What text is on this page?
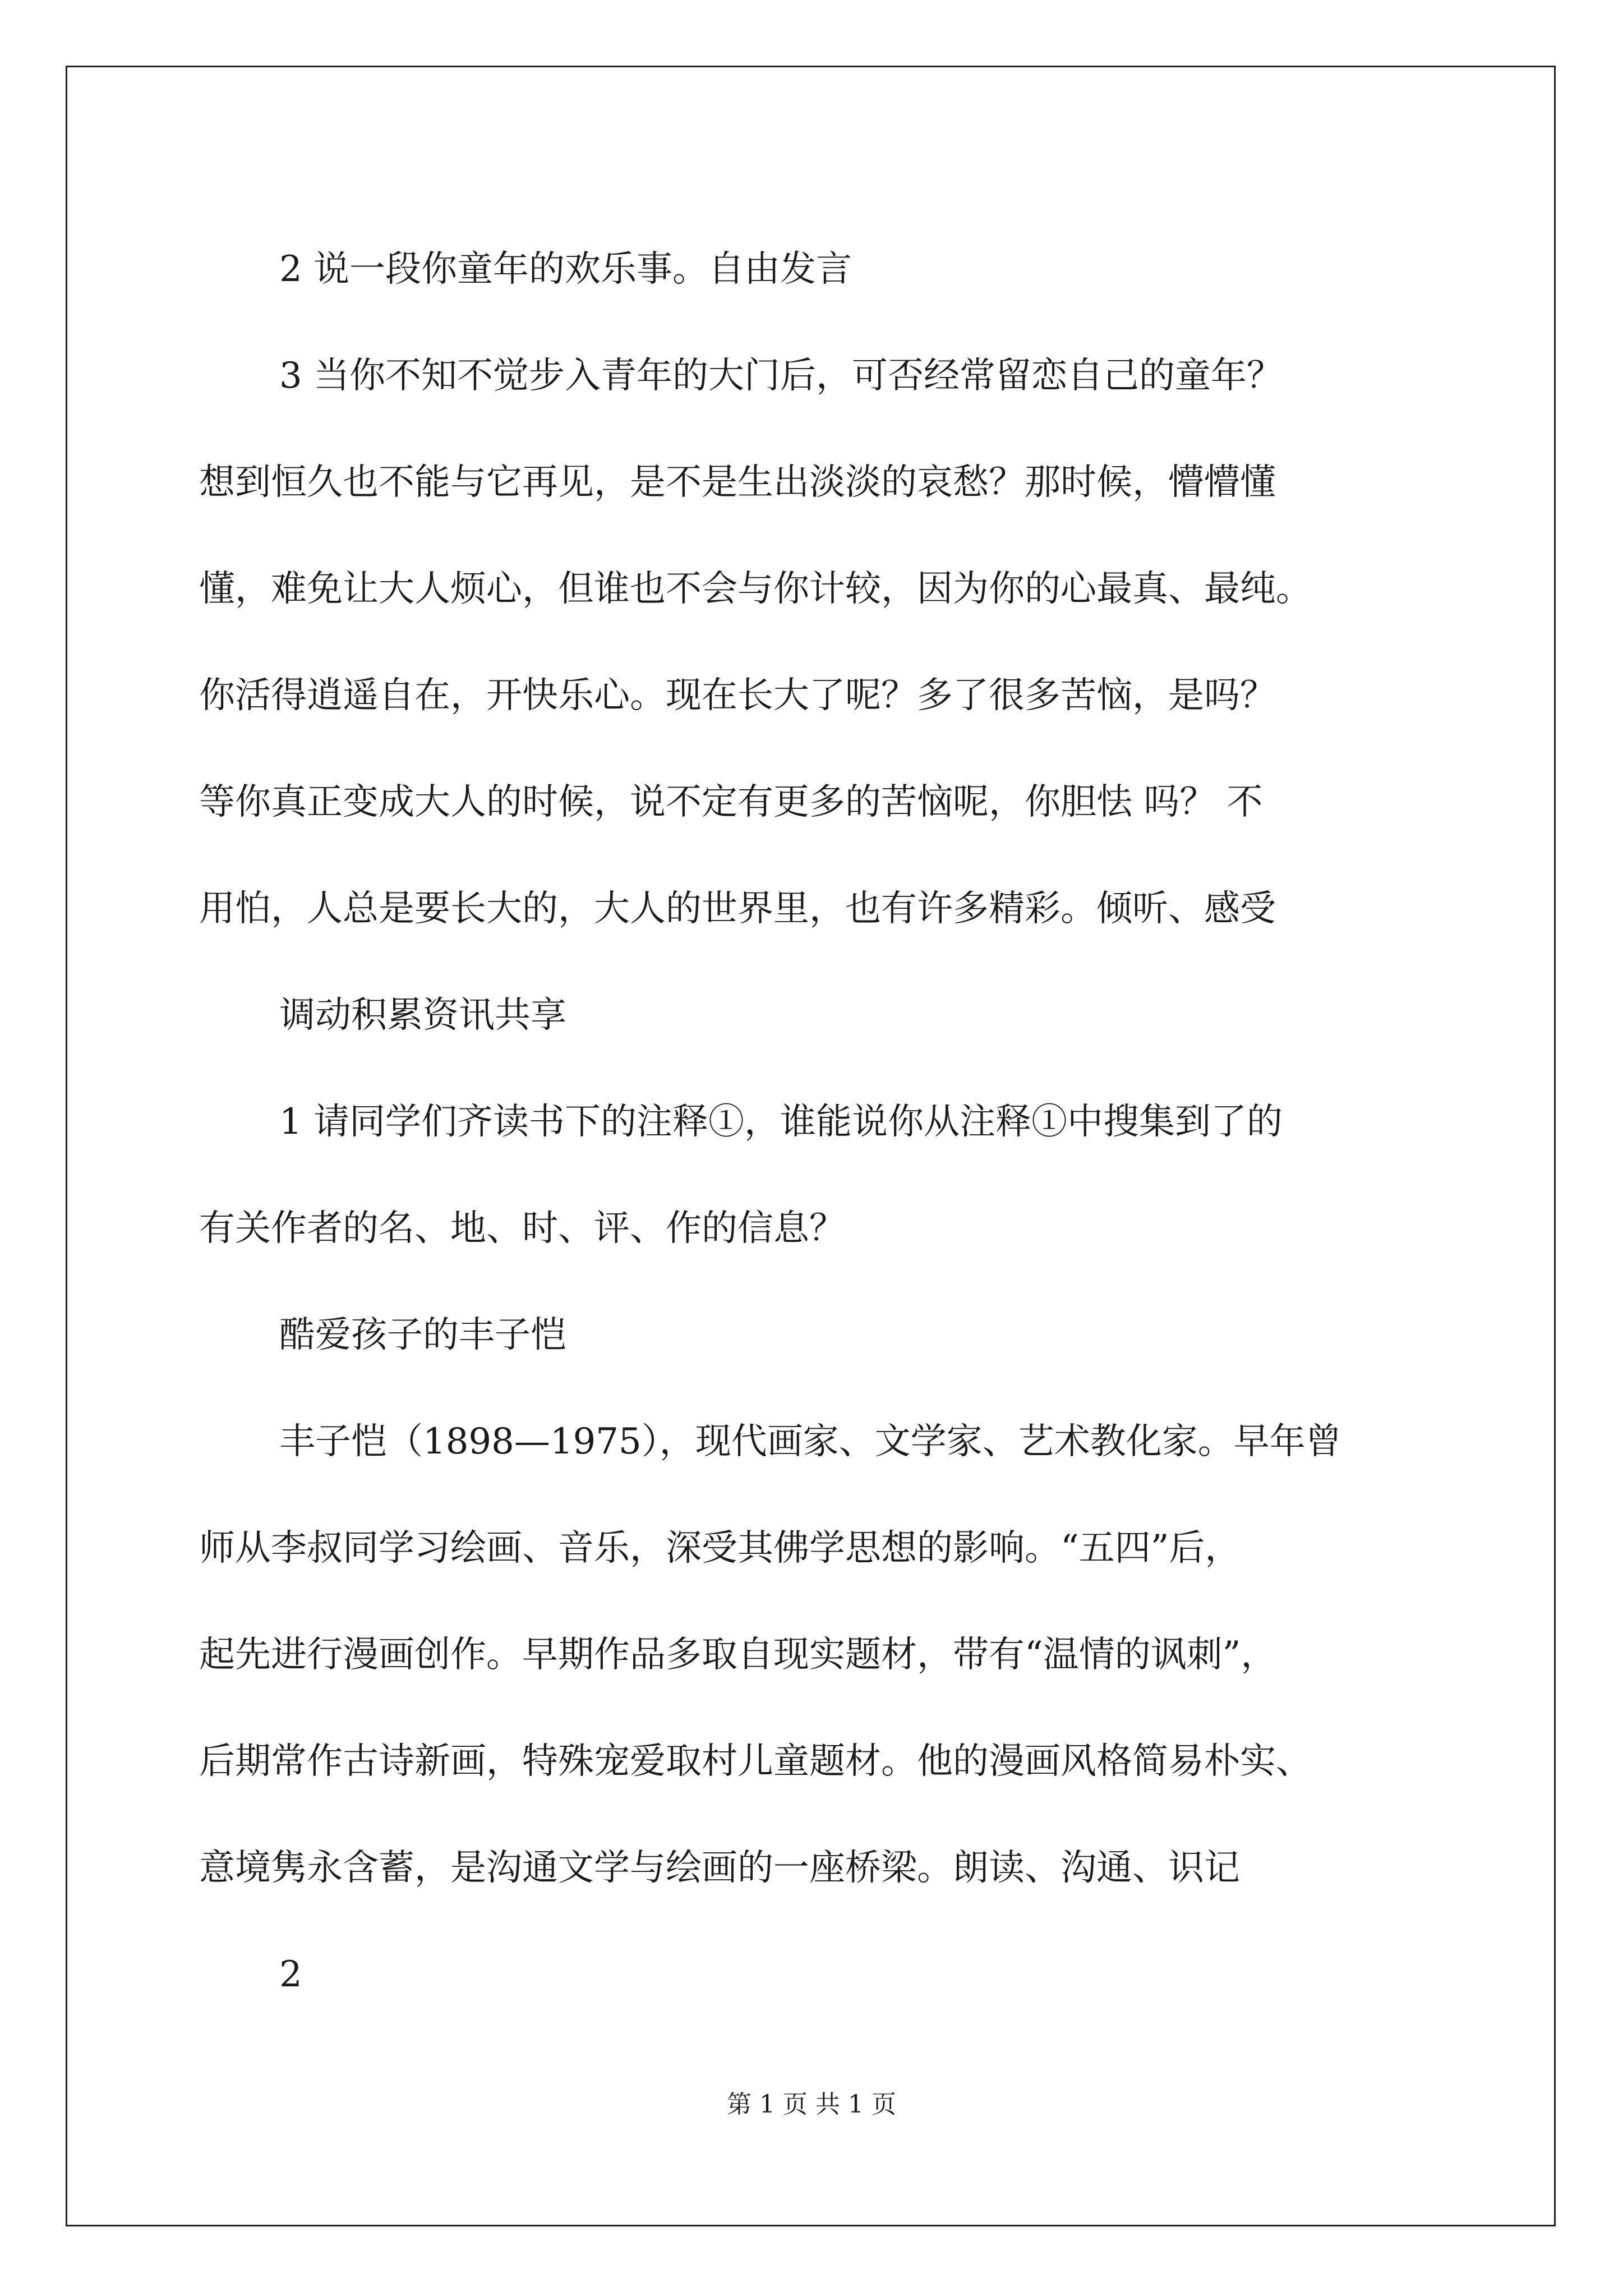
2 说一段你童年的欢乐事。自由发言

3 当你不知不觉步入青年的大门后，可否经常留恋自己的童年？
想到恒久也不能与它再见，是不是生出淡淡的哀愁？那时候，懵懵懂
懂，难免让大人烦心，但谁也不会与你计较，因为你的心最真、最纯。
你活得逍遥自在，开快乐心。现在长大了呢？多了很多苦恼，是吗？
等你真正变成大人的时候，说不定有更多的苦恼呢，你胆怯 吗？ 不
用怕，人总是要长大的，大人的世界里，也有许多精彩。倾听、感受

调动积累资讯共享

1 请同学们齐读书下的注释①，谁能说你从注释①中搜集到了的
有关作者的名、地、时、评、作的信息？

酷爱孩子的丰子恺

丰子恺（1898—1975），现代画家、文学家、艺术教化家。早年曾
师从李叔同学习绘画、音乐，深受其佛学思想的影响。“五四”后，
起先进行漫画创作。早期作品多取自现实题材，带有“温情的讽刺”，
后期常作古诗新画，特殊宠爱取村儿童题材。他的漫画风格简易朴实、
意境隽永含蓄，是沟通文学与绘画的一座桥梁。朗读、沟通、识记

2

第 1 页 共 1 页
